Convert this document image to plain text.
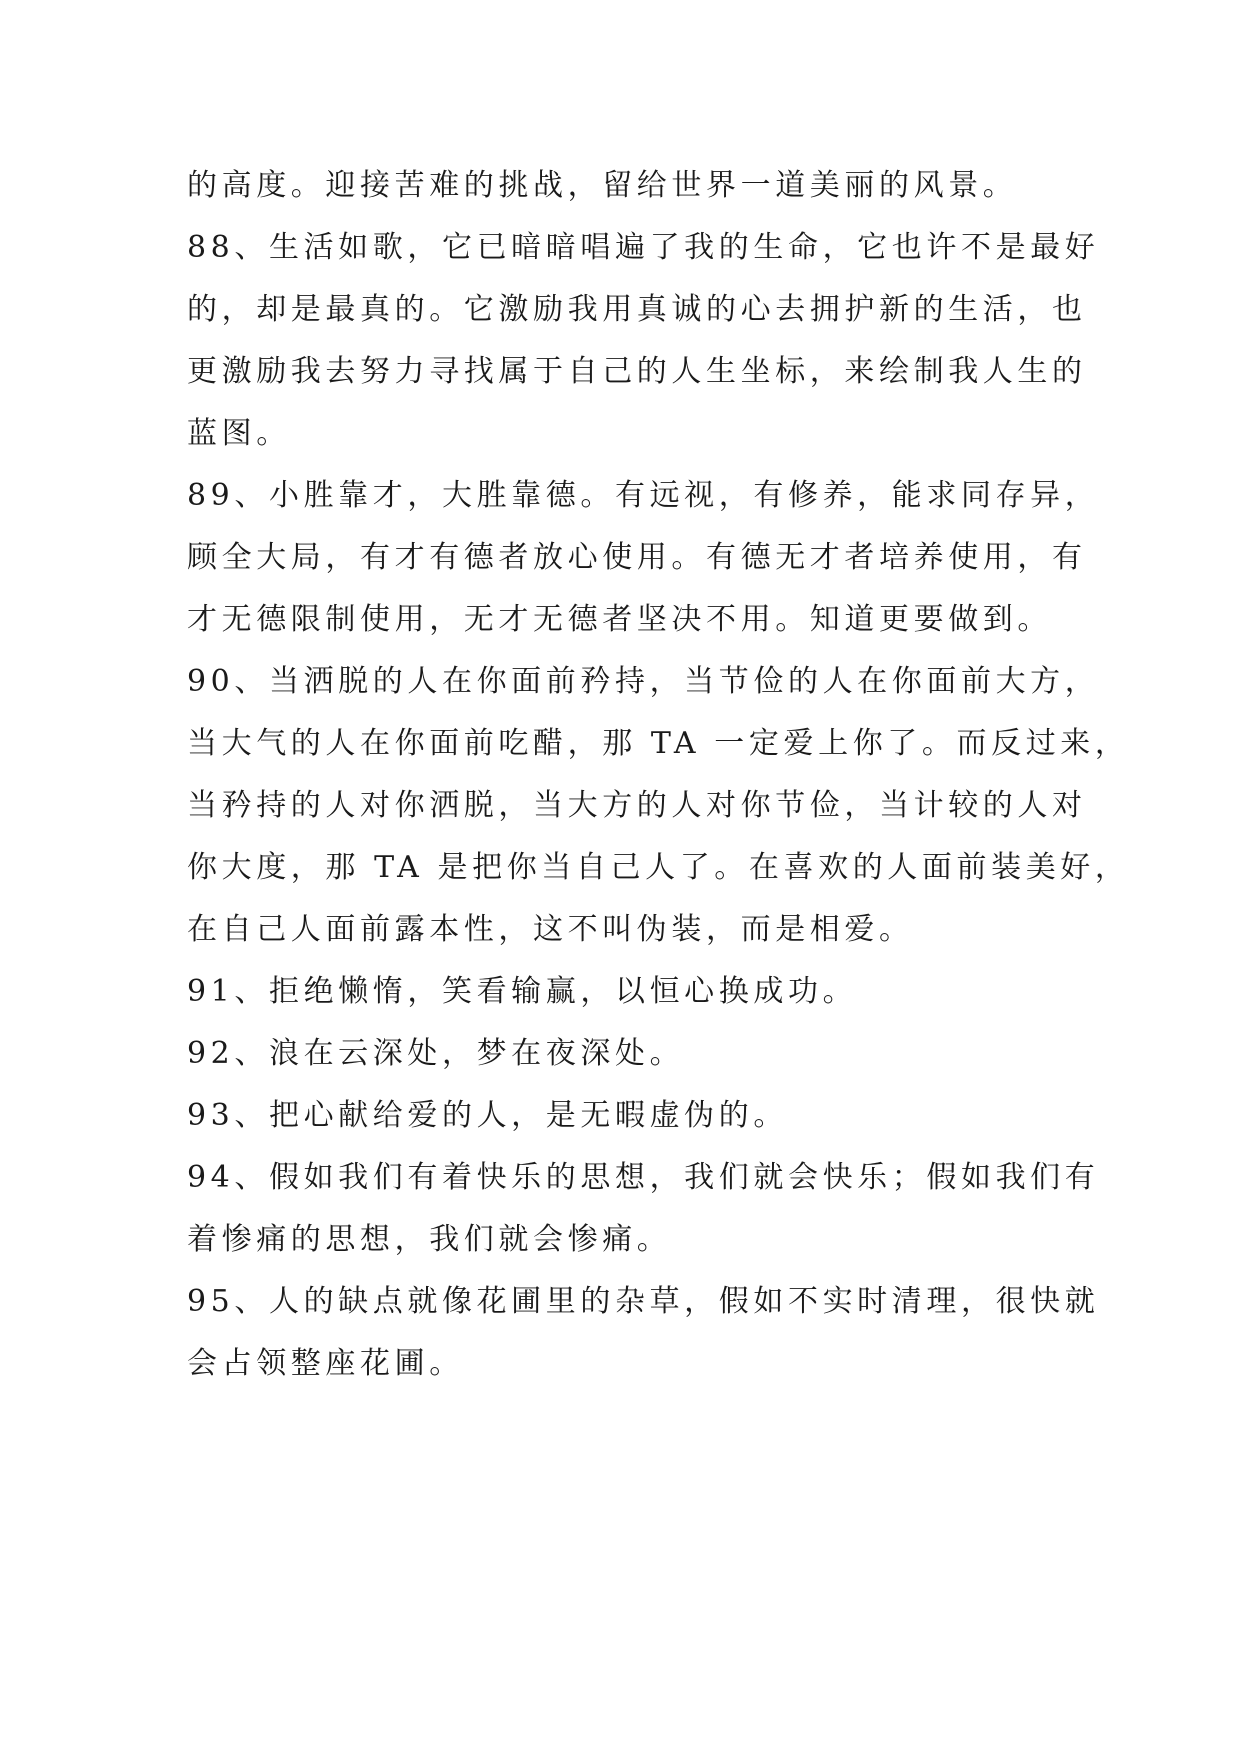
的高度。迎接苦难的挑战，留给世界一道美丽的风景。
88、生活如歌，它已暗暗唱遍了我的生命，它也许不是最好
的，却是最真的。它激励我用真诚的心去拥护新的生活，也
更激励我去努力寻找属于自己的人生坐标，来绘制我人生的
蓝图。
89、小胜靠才，大胜靠德。有远视，有修养，能求同存异，
顾全大局，有才有德者放心使用。有德无才者培养使用，有
才无德限制使用，无才无德者坚决不用。知道更要做到。
90、当洒脱的人在你面前矜持，当节俭的人在你面前大方，
当大气的人在你面前吃醋，那 TA 一定爱上你了。而反过来，
当矜持的人对你洒脱，当大方的人对你节俭，当计较的人对
你大度，那 TA 是把你当自己人了。在喜欢的人面前装美好，
在自己人面前露本性，这不叫伪装，而是相爱。
91、拒绝懒惰，笑看输赢，以恒心换成功。
92、浪在云深处，梦在夜深处。
93、把心献给爱的人，是无暇虚伪的。
94、假如我们有着快乐的思想，我们就会快乐；假如我们有
着惨痛的思想，我们就会惨痛。
95、人的缺点就像花圃里的杂草，假如不实时清理，很快就
会占领整座花圃。
